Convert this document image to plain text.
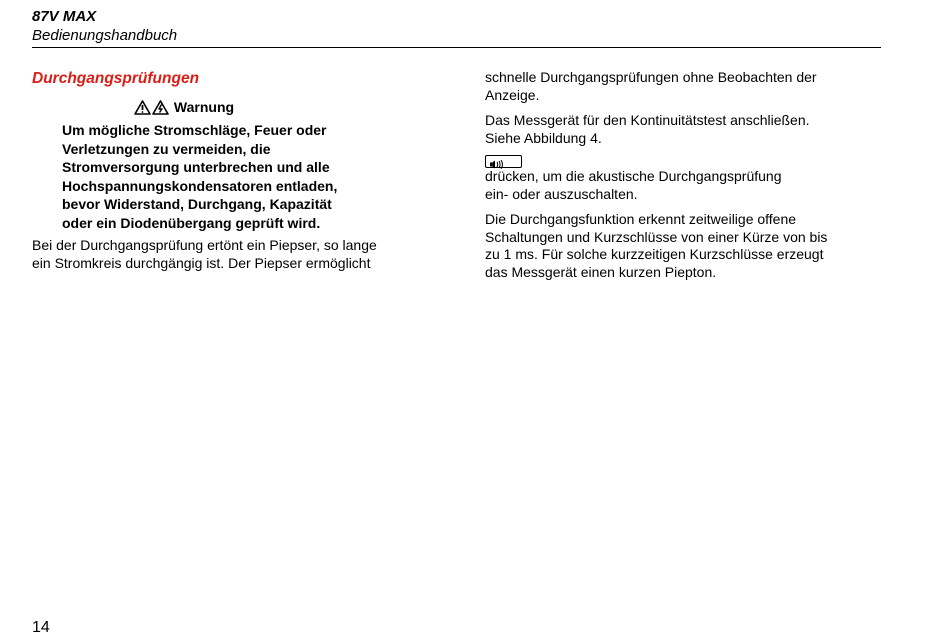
87V MAX
Bedienungshandbuch
Durchgangsprüfungen
Warnung
Um mögliche Stromschläge, Feuer oder
Verletzungen zu vermeiden, die
Stromversorgung unterbrechen und alle
Hochspannungskondensatoren entladen,
bevor Widerstand, Durchgang, Kapazität
oder ein Diodenübergang geprüft wird.
Bei der Durchgangsprüfung ertönt ein Piepser, so lange
ein Stromkreis durchgängig ist. Der Piepser ermöglicht
schnelle Durchgangsprüfungen ohne Beobachten der
Anzeige.
Das Messgerät für den Kontinuitätstest anschließen.
Siehe Abbildung 4.
drücken, um die akustische Durchgangsprüfung
ein- oder auszuschalten.
Die Durchgangsfunktion erkennt zeitweilige offene
Schaltungen und Kurzschlüsse von einer Kürze von bis
zu 1 ms. Für solche kurzzeitigen Kurzschlüsse erzeugt
das Messgerät einen kurzen Piepton.
14
